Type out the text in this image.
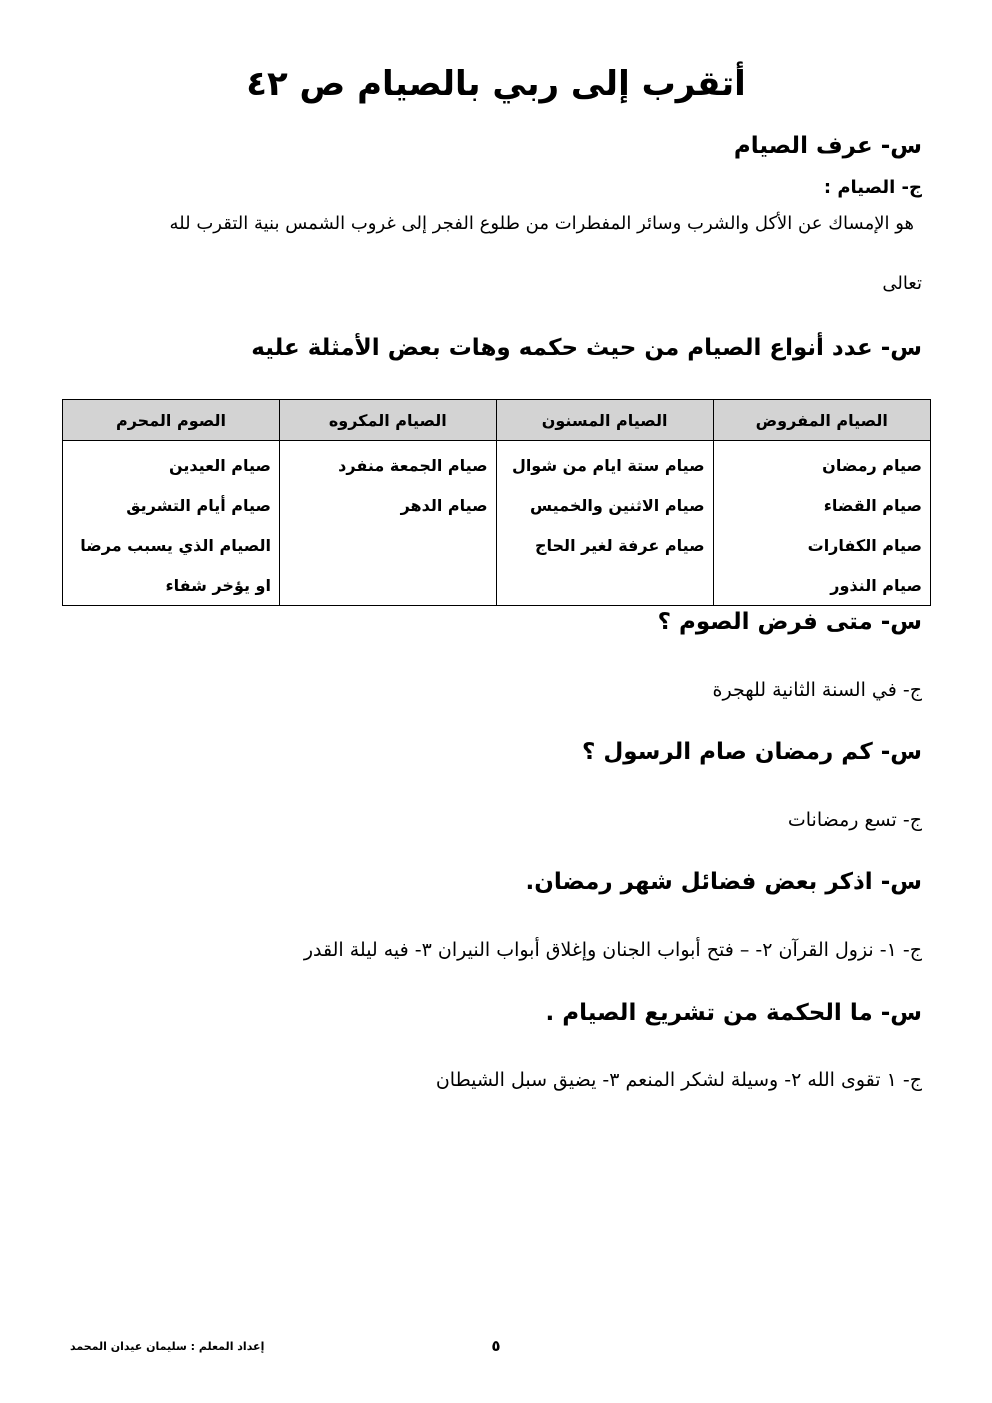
أتقرب إلى ربي بالصيام ص ٤٢
س- عرف الصيام
ج- الصيام :
هو الإمساك عن الأكل والشرب وسائر المفطرات من طلوع الفجر إلى غروب الشمس بنية التقرب لله
تعالى
س- عدد أنواع الصيام من حيث حكمه وهات بعض الأمثلة عليه
الصيام المفروض	الصيام المسنون	الصيام المكروه	الصوم المحرم
صيام رمضان	صيام ستة ايام من شوال	صيام الجمعة منفرد	صيام العيدين
صيام القضاء	صيام الاثنين والخميس	صيام الدهر	صيام أيام التشريق
صيام الكفارات	صيام عرفة لغير الحاج		الصيام الذي يسبب مرضا
صيام النذور			او يؤخر شفاء
س- متى فرض الصوم ؟
ج- في السنة الثانية للهجرة
س- كم رمضان صام الرسول ؟
ج- تسع رمضانات
س- اذكر بعض فضائل شهر رمضان.
ج- ١- نزول القرآن ٢- – فتح أبواب الجنان وإغلاق أبواب النيران ٣- فيه ليلة القدر
س- ما الحكمة من تشريع الصيام .
ج- ١ تقوى الله ٢- وسيلة لشكر المنعم ٣- يضيق سبل الشيطان
٥
إعداد المعلم : سليمان عيدان المحمد
